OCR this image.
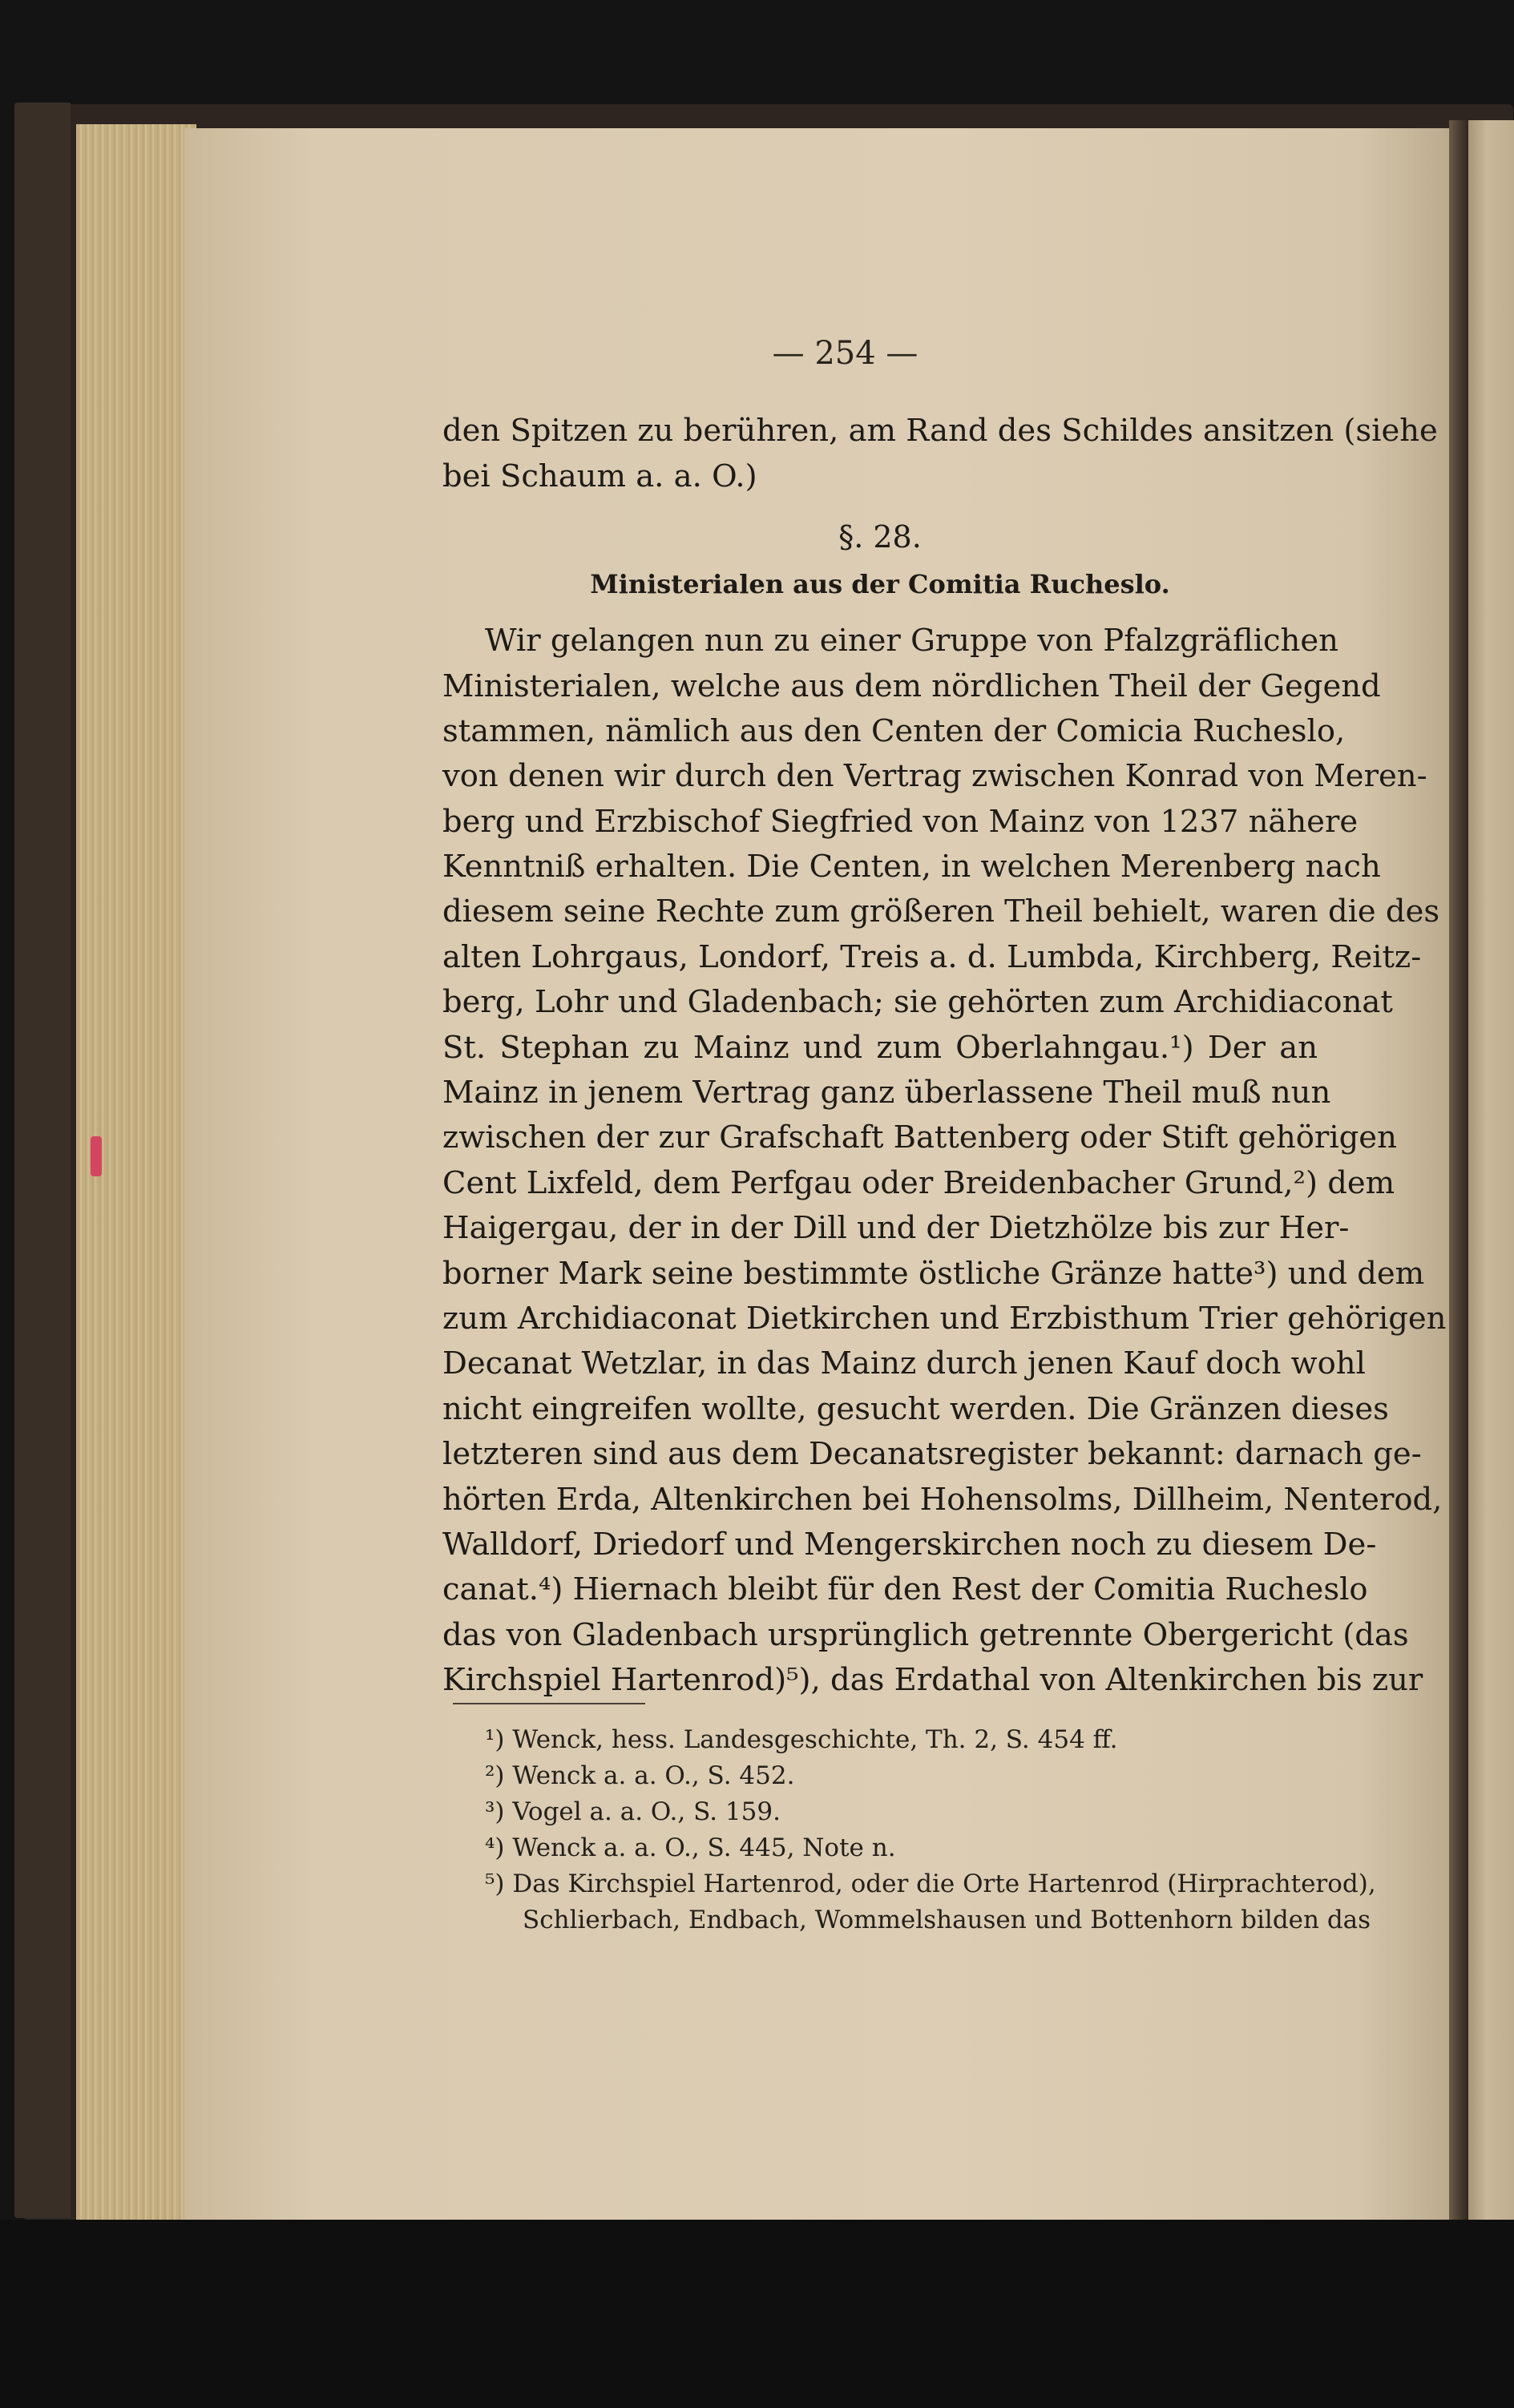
— 254 —
den Spitzen zu berühren, am Rand des Schildes ansitzen (siehe
bei Schaum a. a. O.)
§. 28.
Ministerialen aus der Comitia Rucheslo.
Wir gelangen nun zu einer Gruppe von Pfalzgräflichen
Ministerialen, welche aus dem nördlichen Theil der Gegend
stammen, nämlich aus den Centen der Comicia Rucheslo,
von denen wir durch den Vertrag zwischen Konrad von Meren-
berg und Erzbischof Siegfried von Mainz von 1237 nähere
Kenntniß erhalten. Die Centen, in welchen Merenberg nach
diesem seine Rechte zum größeren Theil behielt, waren die des
alten Lohrgaus, Londorf, Treis a. d. Lumbda, Kirchberg, Reitz-
berg, Lohr und Gladenbach; sie gehörten zum Archidiaconat
St. Stephan zu Mainz und zum Oberlahngau.¹) Der an
Mainz in jenem Vertrag ganz überlassene Theil muß nun
zwischen der zur Grafschaft Battenberg oder Stift gehörigen
Cent Lixfeld, dem Perfgau oder Breidenbacher Grund,²) dem
Haigergau, der in der Dill und der Dietzhölze bis zur Her-
borner Mark seine bestimmte östliche Gränze hatte³) und dem
zum Archidiaconat Dietkirchen und Erzbisthum Trier gehörigen
Decanat Wetzlar, in das Mainz durch jenen Kauf doch wohl
nicht eingreifen wollte, gesucht werden. Die Gränzen dieses
letzteren sind aus dem Decanatsregister bekannt: darnach ge-
hörten Erda, Altenkirchen bei Hohensolms, Dillheim, Nenterod,
Walldorf, Driedorf und Mengerskirchen noch zu diesem De-
canat.⁴) Hiernach bleibt für den Rest der Comitia Rucheslo
das von Gladenbach ursprünglich getrennte Obergericht (das
Kirchspiel Hartenrod)⁵), das Erdathal von Altenkirchen bis zur
¹) Wenck, hess. Landesgeschichte, Th. 2, S. 454 ff.
²) Wenck a. a. O., S. 452.
³) Vogel a. a. O., S. 159.
⁴) Wenck a. a. O., S. 445, Note n.
⁵) Das Kirchspiel Hartenrod, oder die Orte Hartenrod (Hirprachterod),
Schlierbach, Endbach, Wommelshausen und Bottenhorn bilden das
